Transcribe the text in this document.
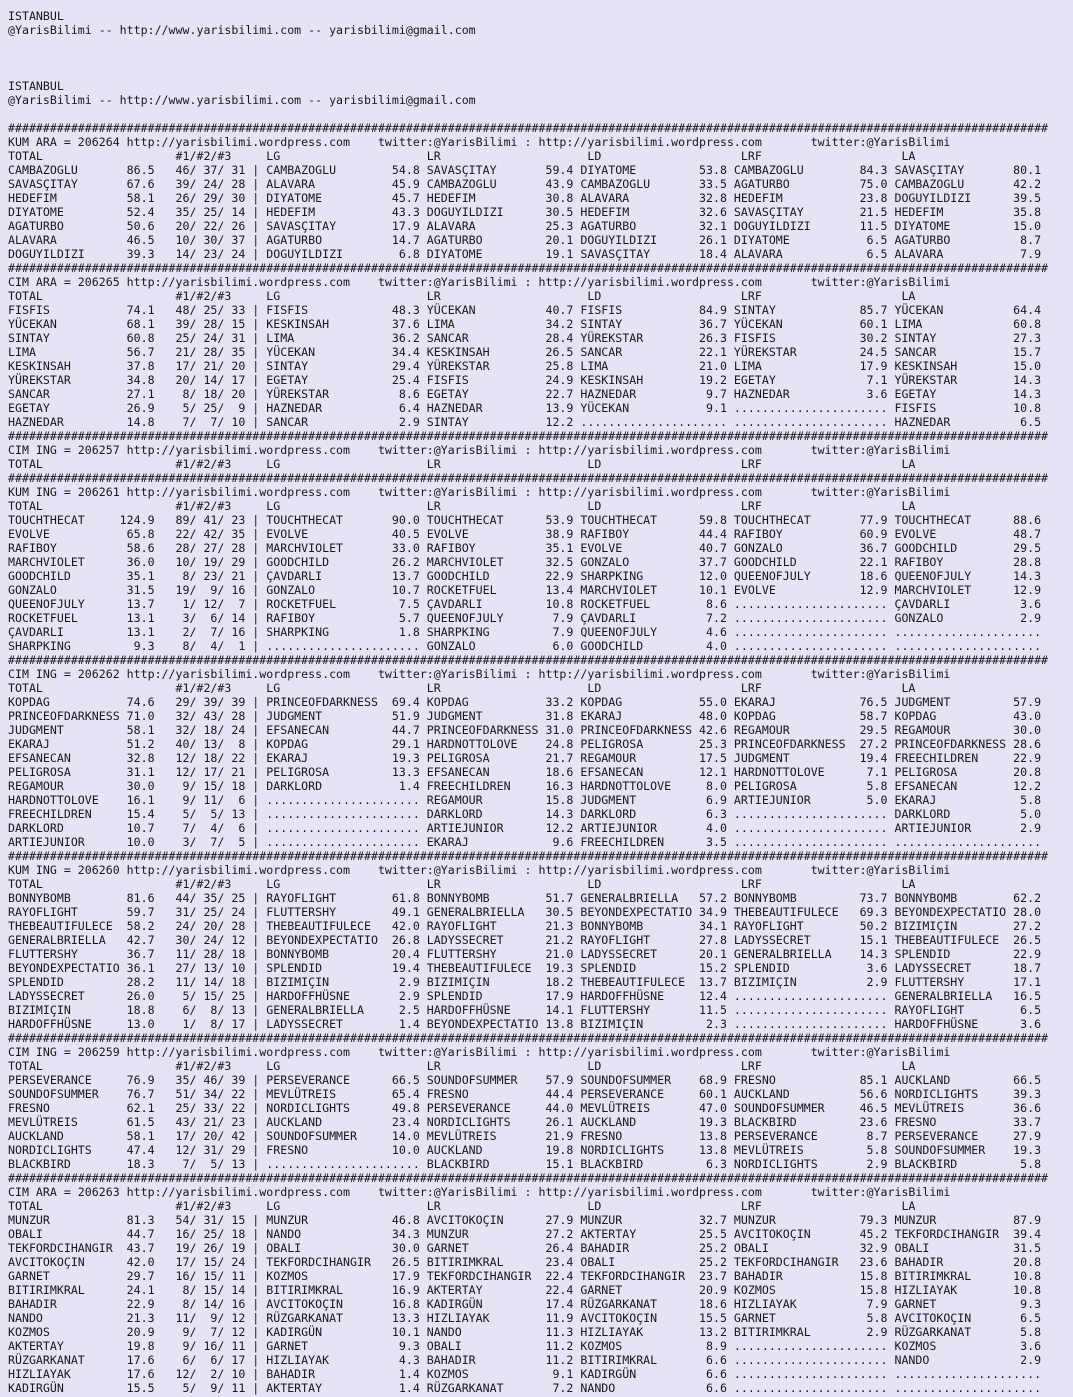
ISTANBUL
@YarisBilimi -- http://www.yarisbilimi.com -- yarisbilimi@gmail.com
ISTANBUL
@YarisBilimi -- http://www.yarisbilimi.com -- yarisbilimi@gmail.com
#####################################################################################################################################################
KUM ARA = 206264 http://yarisbilimi.wordpress.com    twitter:@YarisBilimi : http://yarisbilimi.wordpress.com       twitter:@YarisBilimi
TOTAL                   #1/#2/#3     LG                     LR                     LD                    LRF                    LA
CAMBAZOGLU       86.5   46/ 37/ 31 | CAMBAZOGLU        54.8 SAVASÇITAY       59.4 DIYATOME         53.8 CAMBAZOGLU        84.3 SAVASÇITAY       80.1
SAVASÇITAY       67.6   39/ 24/ 28 | ALAVARA           45.9 CAMBAZOGLU       43.9 CAMBAZOGLU       33.5 AGATURBO          75.0 CAMBAZOGLU       42.2
HEDEFIM          58.1   26/ 29/ 30 | DIYATOME          45.7 HEDEFIM          30.8 ALAVARA          32.8 HEDEFIM           23.8 DOGUYILDIZI      39.5
DIYATOME         52.4   35/ 25/ 14 | HEDEFIM           43.3 DOGUYILDIZI      30.5 HEDEFIM          32.6 SAVASÇITAY        21.5 HEDEFIM          35.8
AGATURBO         50.6   20/ 22/ 26 | SAVASÇITAY        17.9 ALAVARA          25.3 AGATURBO         32.1 DOGUYILDIZI       11.5 DIYATOME         15.0
ALAVARA          46.5   10/ 30/ 37 | AGATURBO          14.7 AGATURBO         20.1 DOGUYILDIZI      26.1 DIYATOME           6.5 AGATURBO          8.7
DOGUYILDIZI      39.3   14/ 23/ 24 | DOGUYILDIZI        6.8 DIYATOME         19.1 SAVASÇITAY       18.4 ALAVARA            6.5 ALAVARA           7.9
#####################################################################################################################################################
CIM ARA = 206265 http://yarisbilimi.wordpress.com    twitter:@YarisBilimi : http://yarisbilimi.wordpress.com       twitter:@YarisBilimi
TOTAL                   #1/#2/#3     LG                     LR                     LD                    LRF                    LA
FISFIS           74.1   48/ 25/ 33 | FISFIS            48.3 YÜCEKAN          40.7 FISFIS           84.9 SINTAY            85.7 YÜCEKAN          64.4
YÜCEKAN          68.1   39/ 28/ 15 | KESKINSAH         37.6 LIMA             34.2 SINTAY           36.7 YÜCEKAN           60.1 LIMA             60.8
SINTAY           60.8   25/ 24/ 31 | LIMA              36.2 SANCAR           28.4 YÜREKSTAR        26.3 FISFIS            30.2 SINTAY           27.3
LIMA             56.7   21/ 28/ 35 | YÜCEKAN           34.4 KESKINSAH        26.5 SANCAR           22.1 YÜREKSTAR         24.5 SANCAR           15.7
KESKINSAH        37.8   17/ 21/ 20 | SINTAY            29.4 YÜREKSTAR        25.8 LIMA             21.0 LIMA              17.9 KESKINSAH        15.0
YÜREKSTAR        34.8   20/ 14/ 17 | EGETAY            25.4 FISFIS           24.9 KESKINSAH        19.2 EGETAY             7.1 YÜREKSTAR        14.3
SANCAR           27.1    8/ 18/ 20 | YÜREKSTAR          8.6 EGETAY           22.7 HAZNEDAR          9.7 HAZNEDAR           3.6 EGETAY           14.3
EGETAY           26.9    5/ 25/  9 | HAZNEDAR           6.4 HAZNEDAR         13.9 YÜCEKAN           9.1 ...................... FISFIS           10.8
HAZNEDAR         14.8    7/  7/ 10 | SANCAR             2.9 SINTAY           12.2 ..................... ...................... HAZNEDAR          6.5
#####################################################################################################################################################
CIM ING = 206257 http://yarisbilimi.wordpress.com    twitter:@YarisBilimi : http://yarisbilimi.wordpress.com       twitter:@YarisBilimi
TOTAL                   #1/#2/#3     LG                     LR                     LD                    LRF                    LA
#####################################################################################################################################################
KUM ING = 206261 http://yarisbilimi.wordpress.com    twitter:@YarisBilimi : http://yarisbilimi.wordpress.com       twitter:@YarisBilimi
TOTAL                   #1/#2/#3     LG                     LR                     LD                    LRF                    LA
TOUCHTHECAT     124.9   89/ 41/ 23 | TOUCHTHECAT       90.0 TOUCHTHECAT      53.9 TOUCHTHECAT      59.8 TOUCHTHECAT       77.9 TOUCHTHECAT      88.6
EVOLVE           65.8   22/ 42/ 35 | EVOLVE            40.5 EVOLVE           38.9 RAFIBOY          44.4 RAFIBOY           60.9 EVOLVE           48.7
RAFIBOY          58.6   28/ 27/ 28 | MARCHVIOLET       33.0 RAFIBOY          35.1 EVOLVE           40.7 GONZALO           36.7 GOODCHILD        29.5
MARCHVIOLET      36.0   10/ 19/ 29 | GOODCHILD         26.2 MARCHVIOLET      32.5 GONZALO          37.7 GOODCHILD         22.1 RAFIBOY          28.8
GOODCHILD        35.1    8/ 23/ 21 | ÇAVDARLI          13.7 GOODCHILD        22.9 SHARPKING        12.0 QUEENOFJULY       18.6 QUEENOFJULY      14.3
GONZALO          31.5   19/  9/ 16 | GONZALO           10.7 ROCKETFUEL       13.4 MARCHVIOLET      10.1 EVOLVE            12.9 MARCHVIOLET      12.9
QUEENOFJULY      13.7    1/ 12/  7 | ROCKETFUEL         7.5 ÇAVDARLI         10.8 ROCKETFUEL        8.6 ...................... ÇAVDARLI          3.6
ROCKETFUEL       13.1    3/  6/ 14 | RAFIBOY            5.7 QUEENOFJULY       7.9 ÇAVDARLI          7.2 ...................... GONZALO           2.9
ÇAVDARLI         13.1    2/  7/ 16 | SHARPKING          1.8 SHARPKING         7.9 QUEENOFJULY       4.6 ...................... .....................
SHARPKING         9.3    8/  4/  1 | ...................... GONZALO           6.0 GOODCHILD         4.0 ...................... .....................
#####################################################################################################################################################
CIM ING = 206262 http://yarisbilimi.wordpress.com    twitter:@YarisBilimi : http://yarisbilimi.wordpress.com       twitter:@YarisBilimi
TOTAL                   #1/#2/#3     LG                     LR                     LD                    LRF                    LA
KOPDAG           74.6   29/ 39/ 39 | PRINCEOFDARKNESS  69.4 KOPDAG           33.2 KOPDAG           55.0 EKARAJ            76.5 JUDGMENT         57.9
PRINCEOFDARKNESS 71.0   32/ 43/ 28 | JUDGMENT          51.9 JUDGMENT         31.8 EKARAJ           48.0 KOPDAG            58.7 KOPDAG           43.0
JUDGMENT         58.1   32/ 18/ 24 | EFSANECAN         44.7 PRINCEOFDARKNESS 31.0 PRINCEOFDARKNESS 42.6 REGAMOUR          29.5 REGAMOUR         30.0
EKARAJ           51.2   40/ 13/  8 | KOPDAG            29.1 HARDNOTTOLOVE    24.8 PELIGROSA        25.3 PRINCEOFDARKNESS  27.2 PRINCEOFDARKNESS 28.6
EFSANECAN        32.8   12/ 18/ 22 | EKARAJ            19.3 PELIGROSA        21.7 REGAMOUR         17.5 JUDGMENT          19.4 FREECHILDREN     22.9
PELIGROSA        31.1   12/ 17/ 21 | PELIGROSA         13.3 EFSANECAN        18.6 EFSANECAN        12.1 HARDNOTTOLOVE      7.1 PELIGROSA        20.8
REGAMOUR         30.0    9/ 15/ 18 | DARKLORD           1.4 FREECHILDREN     16.3 HARDNOTTOLOVE     8.0 PELIGROSA          5.8 EFSANECAN        12.2
HARDNOTTOLOVE    16.1    9/ 11/  6 | ...................... REGAMOUR         15.8 JUDGMENT          6.9 ARTIEJUNIOR        5.0 EKARAJ            5.8
FREECHILDREN     15.4    5/  5/ 13 | ...................... DARKLORD         14.3 DARKLORD          6.3 ...................... DARKLORD          5.0
DARKLORD         10.7    7/  4/  6 | ...................... ARTIEJUNIOR      12.2 ARTIEJUNIOR       4.0 ...................... ARTIEJUNIOR       2.9
ARTIEJUNIOR      10.0    3/  7/  5 | ...................... EKARAJ            9.6 FREECHILDREN      3.5 ...................... .....................
#####################################################################################################################################################
KUM ING = 206260 http://yarisbilimi.wordpress.com    twitter:@YarisBilimi : http://yarisbilimi.wordpress.com       twitter:@YarisBilimi
TOTAL                   #1/#2/#3     LG                     LR                     LD                    LRF                    LA
BONNYBOMB        81.6   44/ 35/ 25 | RAYOFLIGHT        61.8 BONNYBOMB        51.7 GENERALBRIELLA   57.2 BONNYBOMB         73.7 BONNYBOMB        62.2
RAYOFLIGHT       59.7   31/ 25/ 24 | FLUTTERSHY        49.1 GENERALBRIELLA   30.5 BEYONDEXPECTATIO 34.9 THEBEAUTIFULECE   69.3 BEYONDEXPECTATIO 28.0
THEBEAUTIFULECE  58.2   24/ 20/ 28 | THEBEAUTIFULECE   42.0 RAYOFLIGHT       21.3 BONNYBOMB        34.1 RAYOFLIGHT        50.2 BIZIMIÇIN        27.2
GENERALBRIELLA   42.7   30/ 24/ 12 | BEYONDEXPECTATIO  26.8 LADYSSECRET      21.2 RAYOFLIGHT       27.8 LADYSSECRET       15.1 THEBEAUTIFULECE  26.5
FLUTTERSHY       36.7   11/ 28/ 18 | BONNYBOMB         20.4 FLUTTERSHY       21.0 LADYSSECRET      20.1 GENERALBRIELLA    14.3 SPLENDID         22.9
BEYONDEXPECTATIO 36.1   27/ 13/ 10 | SPLENDID          19.4 THEBEAUTIFULECE  19.3 SPLENDID         15.2 SPLENDID           3.6 LADYSSECRET      18.7
SPLENDID         28.2   11/ 14/ 18 | BIZIMIÇIN          2.9 BIZIMIÇIN        18.2 THEBEAUTIFULECE  13.7 BIZIMIÇIN          2.9 FLUTTERSHY       17.1
LADYSSECRET      26.0    5/ 15/ 25 | HARDOFFHÜSNE       2.9 SPLENDID         17.9 HARDOFFHÜSNE     12.4 ...................... GENERALBRIELLA   16.5
BIZIMIÇIN        18.8    6/  8/ 13 | GENERALBRIELLA     2.5 HARDOFFHÜSNE     14.1 FLUTTERSHY       11.5 ...................... RAYOFLIGHT        6.5
HARDOFFHÜSNE     13.0    1/  8/ 17 | LADYSSECRET        1.4 BEYONDEXPECTATIO 13.8 BIZIMIÇIN         2.3 ...................... HARDOFFHÜSNE      3.6
#####################################################################################################################################################
CIM ING = 206259 http://yarisbilimi.wordpress.com    twitter:@YarisBilimi : http://yarisbilimi.wordpress.com       twitter:@YarisBilimi
TOTAL                   #1/#2/#3     LG                     LR                     LD                    LRF                    LA
PERSEVERANCE     76.9   35/ 46/ 39 | PERSEVERANCE      66.5 SOUNDOFSUMMER    57.9 SOUNDOFSUMMER    68.9 FRESNO            85.1 AUCKLAND         66.5
SOUNDOFSUMMER    76.7   51/ 34/ 22 | MEVLÜTREIS        65.4 FRESNO           44.4 PERSEVERANCE     60.1 AUCKLAND          56.6 NORDICLIGHTS     39.3
FRESNO           62.1   25/ 33/ 22 | NORDICLIGHTS      49.8 PERSEVERANCE     44.0 MEVLÜTREIS       47.0 SOUNDOFSUMMER     46.5 MEVLÜTREIS       36.6
MEVLÜTREIS       61.5   43/ 21/ 23 | AUCKLAND          23.4 NORDICLIGHTS     26.1 AUCKLAND         19.3 BLACKBIRD         23.6 FRESNO           33.7
AUCKLAND         58.1   17/ 20/ 42 | SOUNDOFSUMMER     14.0 MEVLÜTREIS       21.9 FRESNO           13.8 PERSEVERANCE       8.7 PERSEVERANCE     27.9
NORDICLIGHTS     47.4   12/ 31/ 29 | FRESNO            10.0 AUCKLAND         19.8 NORDICLIGHTS     13.8 MEVLÜTREIS         5.8 SOUNDOFSUMMER    19.3
BLACKBIRD        18.3    7/  5/ 13 | ...................... BLACKBIRD        15.1 BLACKBIRD         6.3 NORDICLIGHTS       2.9 BLACKBIRD         5.8
#####################################################################################################################################################
CIM ARA = 206263 http://yarisbilimi.wordpress.com    twitter:@YarisBilimi : http://yarisbilimi.wordpress.com       twitter:@YarisBilimi
TOTAL                   #1/#2/#3     LG                     LR                     LD                    LRF                    LA
MUNZUR           81.3   54/ 31/ 15 | MUNZUR            46.8 AVCITOKOÇIN      27.9 MUNZUR           32.7 MUNZUR            79.3 MUNZUR           87.9
OBALI            44.7   16/ 25/ 18 | NANDO             34.3 MUNZUR           27.2 AKTERTAY         25.5 AVCITOKOÇIN       45.2 TEKFORDCIHANGIR  39.4
TEKFORDCIHANGIR  43.7   19/ 26/ 19 | OBALI             30.0 GARNET           26.4 BAHADIR          25.2 OBALI             32.9 OBALI            31.5
AVCITOKOÇIN      42.0   17/ 15/ 24 | TEKFORDCIHANGIR   26.5 BITIRIMKRAL      23.4 OBALI            25.2 TEKFORDCIHANGIR   23.6 BAHADIR          20.8
GARNET           29.7   16/ 15/ 11 | KOZMOS            17.9 TEKFORDCIHANGIR  22.4 TEKFORDCIHANGIR  23.7 BAHADIR           15.8 BITIRIMKRAL      10.8
BITIRIMKRAL      24.1    8/ 15/ 14 | BITIRIMKRAL       16.9 AKTERTAY         22.4 GARNET           20.9 KOZMOS            15.8 HIZLIAYAK        10.8
BAHADIR          22.9    8/ 14/ 16 | AVCITOKOÇIN       16.8 KADIRGÜN         17.4 RÜZGARKANAT      18.6 HIZLIAYAK          7.9 GARNET            9.3
NANDO            21.3   11/  9/ 12 | RÜZGARKANAT       13.3 HIZLIAYAK        11.9 AVCITOKOÇIN      15.5 GARNET             5.8 AVCITOKOÇIN       6.5
KOZMOS           20.9    9/  7/ 12 | KADIRGÜN          10.1 NANDO            11.3 HIZLIAYAK        13.2 BITIRIMKRAL        2.9 RÜZGARKANAT       5.8
AKTERTAY         19.8    9/ 16/ 11 | GARNET             9.3 OBALI            11.2 KOZMOS            8.9 ...................... KOZMOS            3.6
RÜZGARKANAT      17.6    6/  6/ 17 | HIZLIAYAK          4.3 BAHADIR          11.2 BITIRIMKRAL       6.6 ...................... NANDO             2.9
HIZLIAYAK        17.6   12/  2/ 10 | BAHADIR            1.4 KOZMOS            9.1 KADIRGÜN          6.6 ...................... .....................
KADIRGÜN         15.5    5/  9/ 11 | AKTERTAY           1.4 RÜZGARKANAT       7.2 NANDO             6.6 ...................... .....................
